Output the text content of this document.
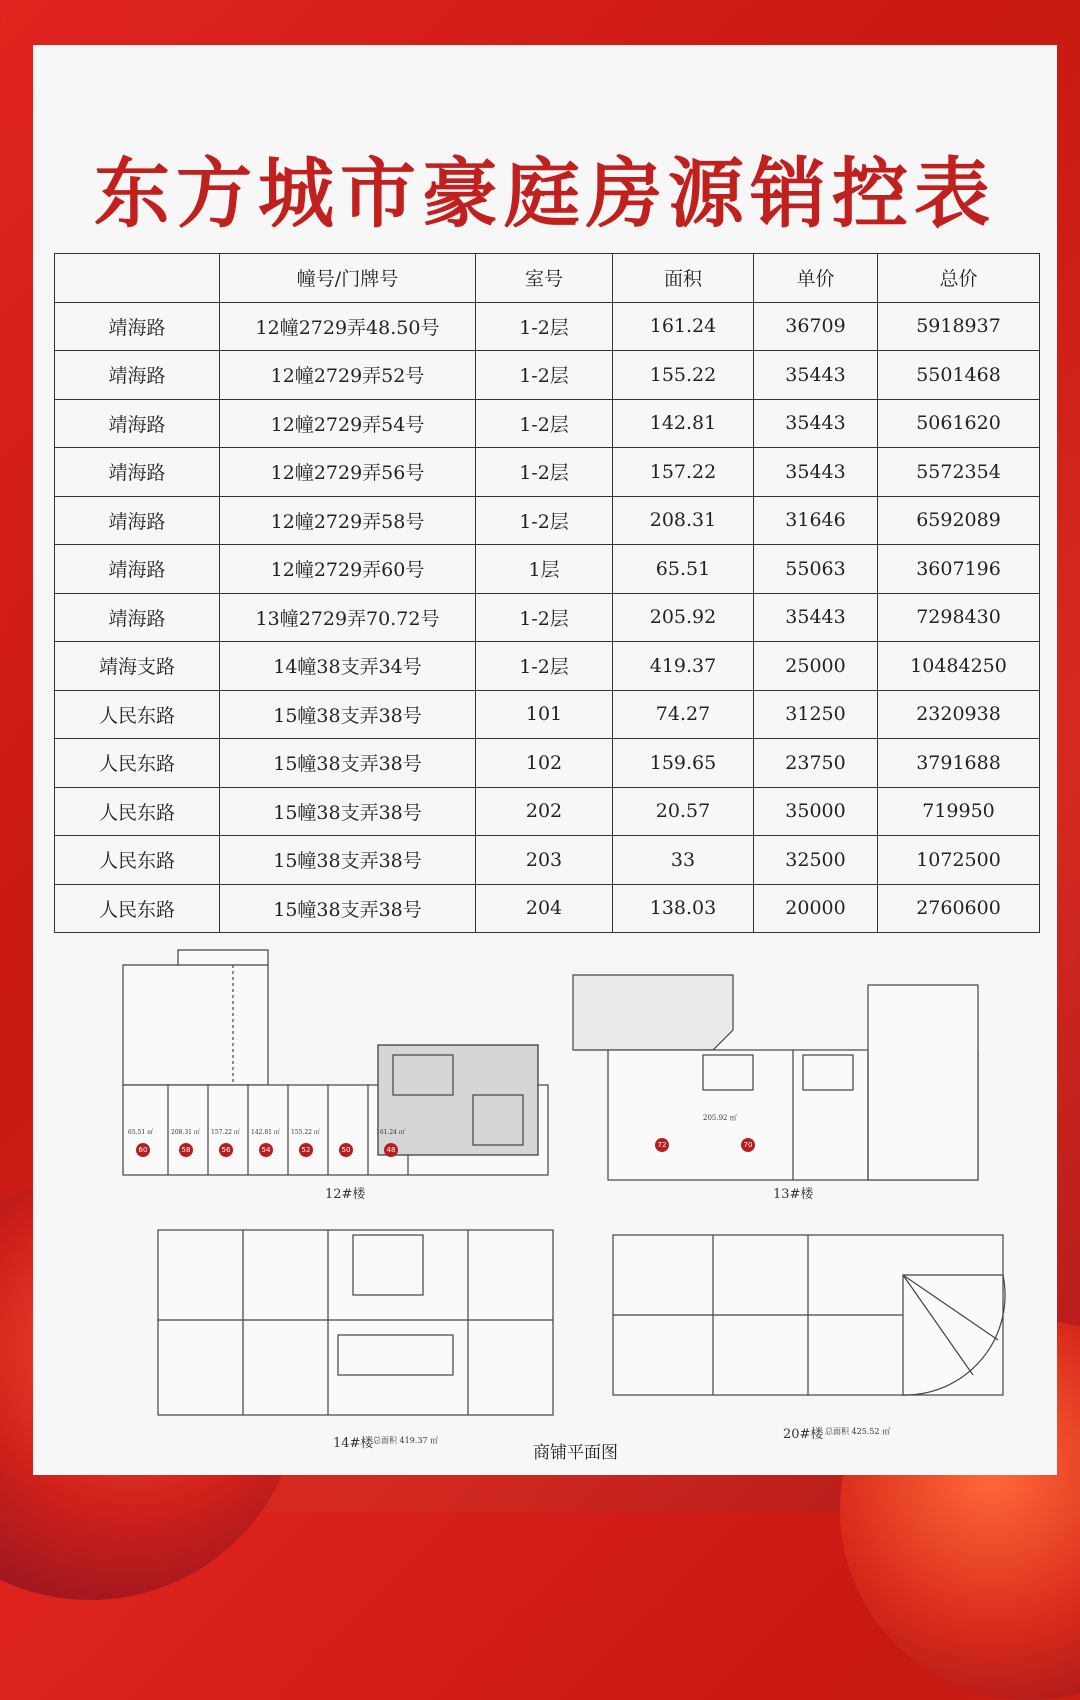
东方城市豪庭房源销控表
	幢号/门牌号	室号	面积	单价	总价
靖海路	12幢2729弄48.50号	1-2层	161.24	36709	5918937
靖海路	12幢2729弄52号	1-2层	155.22	35443	5501468
靖海路	12幢2729弄54号	1-2层	142.81	35443	5061620
靖海路	12幢2729弄56号	1-2层	157.22	35443	5572354
靖海路	12幢2729弄58号	1-2层	208.31	31646	6592089
靖海路	12幢2729弄60号	1层	65.51	55063	3607196
靖海路	13幢2729弄70.72号	1-2层	205.92	35443	7298430
靖海支路	14幢38支弄34号	1-2层	419.37	25000	10484250
人民东路	15幢38支弄38号	101	74.27	31250	2320938
人民东路	15幢38支弄38号	102	159.65	23750	3791688
人民东路	15幢38支弄38号	202	20.57	35000	719950
人民东路	15幢38支弄38号	203	33	32500	1072500
人民东路	15幢38支弄38号	204	138.03	20000	2760600
12#楼
65.51 ㎡
60
208.31 ㎡
58
157.22 ㎡
56
142.81 ㎡
54
155.22 ㎡
52	50
161.24 ㎡
48
205.92 ㎡
72	70
13#楼
14#楼 总面积 419.37 ㎡	20#楼 总面积 425.52 ㎡
商铺平面图
